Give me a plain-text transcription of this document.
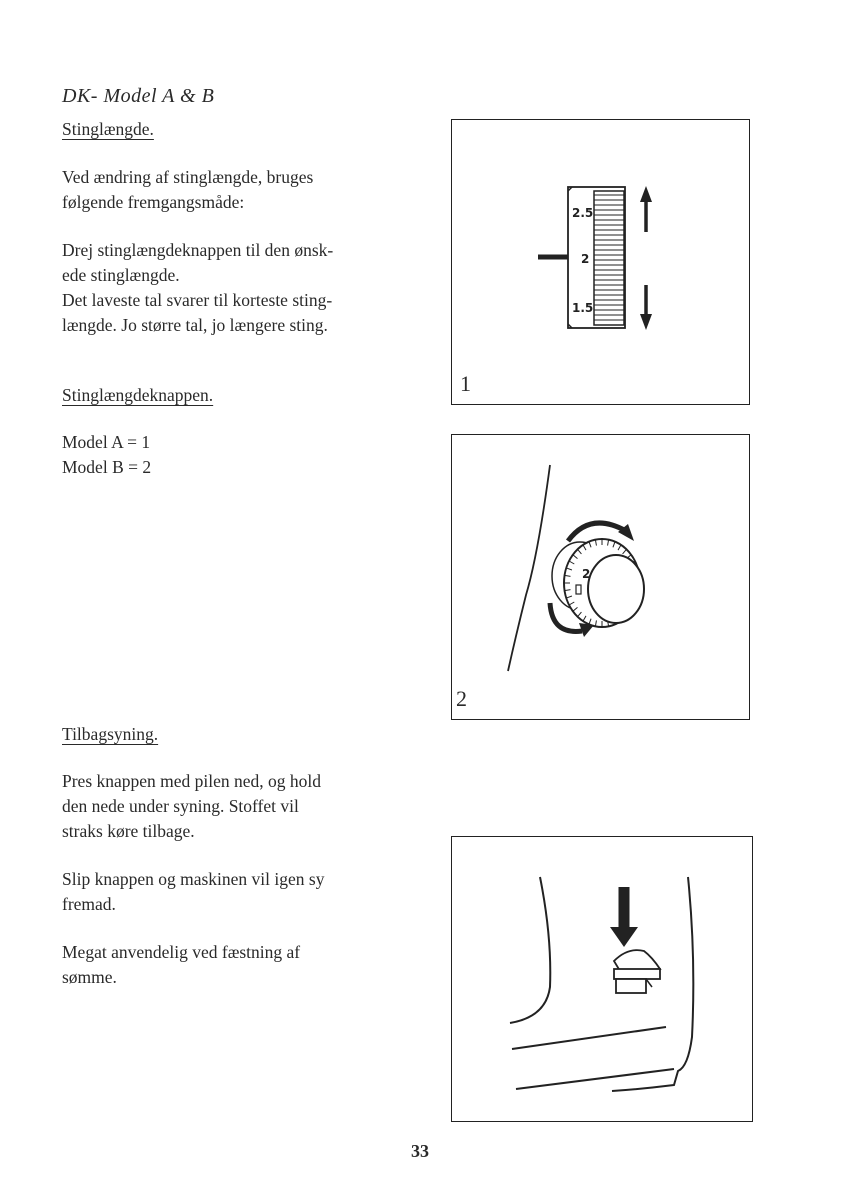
DK- Model A & B
Stinglængde.
Ved ændring af stinglængde, bruges
følgende fremgangsmåde:
Drej stinglængdeknappen til den ønsk-
ede stinglængde.
Det laveste tal svarer til korteste sting-
længde. Jo større tal, jo længere sting.
Stinglængdeknappen.
Model A = 1
Model B = 2
Tilbagsyning.
Pres knappen med pilen ned, og hold
den nede under syning. Stoffet vil
straks køre tilbage.
Slip knappen og maskinen vil igen sy
fremad.
Megat anvendelig ved fæstning af
sømme.
2.5
2
1.5
1
2
2
33
